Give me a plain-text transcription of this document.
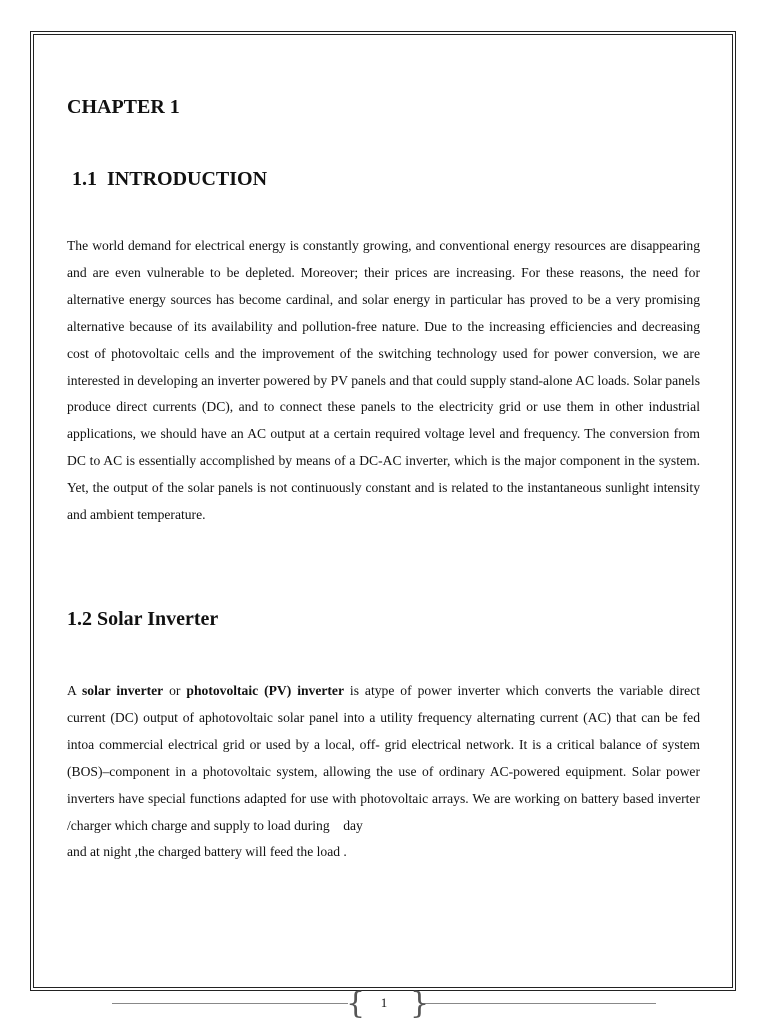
CHAPTER 1
1.1 INTRODUCTION

The world demand for electrical energy is constantly growing, and conventional energy resources are disappearing and are even vulnerable to be depleted. Moreover; their prices are increasing. For these reasons, the need for alternative energy sources has become cardinal, and solar energy in particular has proved to be a very promising alternative because of its availability and pollution-free nature. Due to the increasing efficiencies and decreasing cost of photovoltaic cells and the improvement of the switching technology used for power conversion, we are interested in developing an inverter powered by PV panels and that could supply stand-alone AC loads. Solar panels produce direct currents (DC), and to connect these panels to the electricity grid or use them in other industrial applications, we should have an AC output at a certain required voltage level and frequency. The conversion from DC to AC is essentially accomplished by means of a DC-AC inverter, which is the major component in the system. Yet, the output of the solar panels is not continuously constant and is related to the instantaneous sunlight intensity and ambient temperature.

1.2 Solar Inverter

A solar inverter or photovoltaic (PV) inverter is atype of power inverter which converts the variable direct current (DC) output of aphotovoltaic solar panel into a utility frequency alternating current (AC) that can be fed intoa commercial electrical grid or used by a local, off- grid electrical network. It is a critical balance of system (BOS)–component in a photovoltaic system, allowing the use of ordinary AC-powered equipment. Solar power inverters have special functions adapted for use with photovoltaic arrays. We are working on battery based inverter /charger which charge and supply to load during    day
and at night ,the charged battery will feed the load .

{ }
1
